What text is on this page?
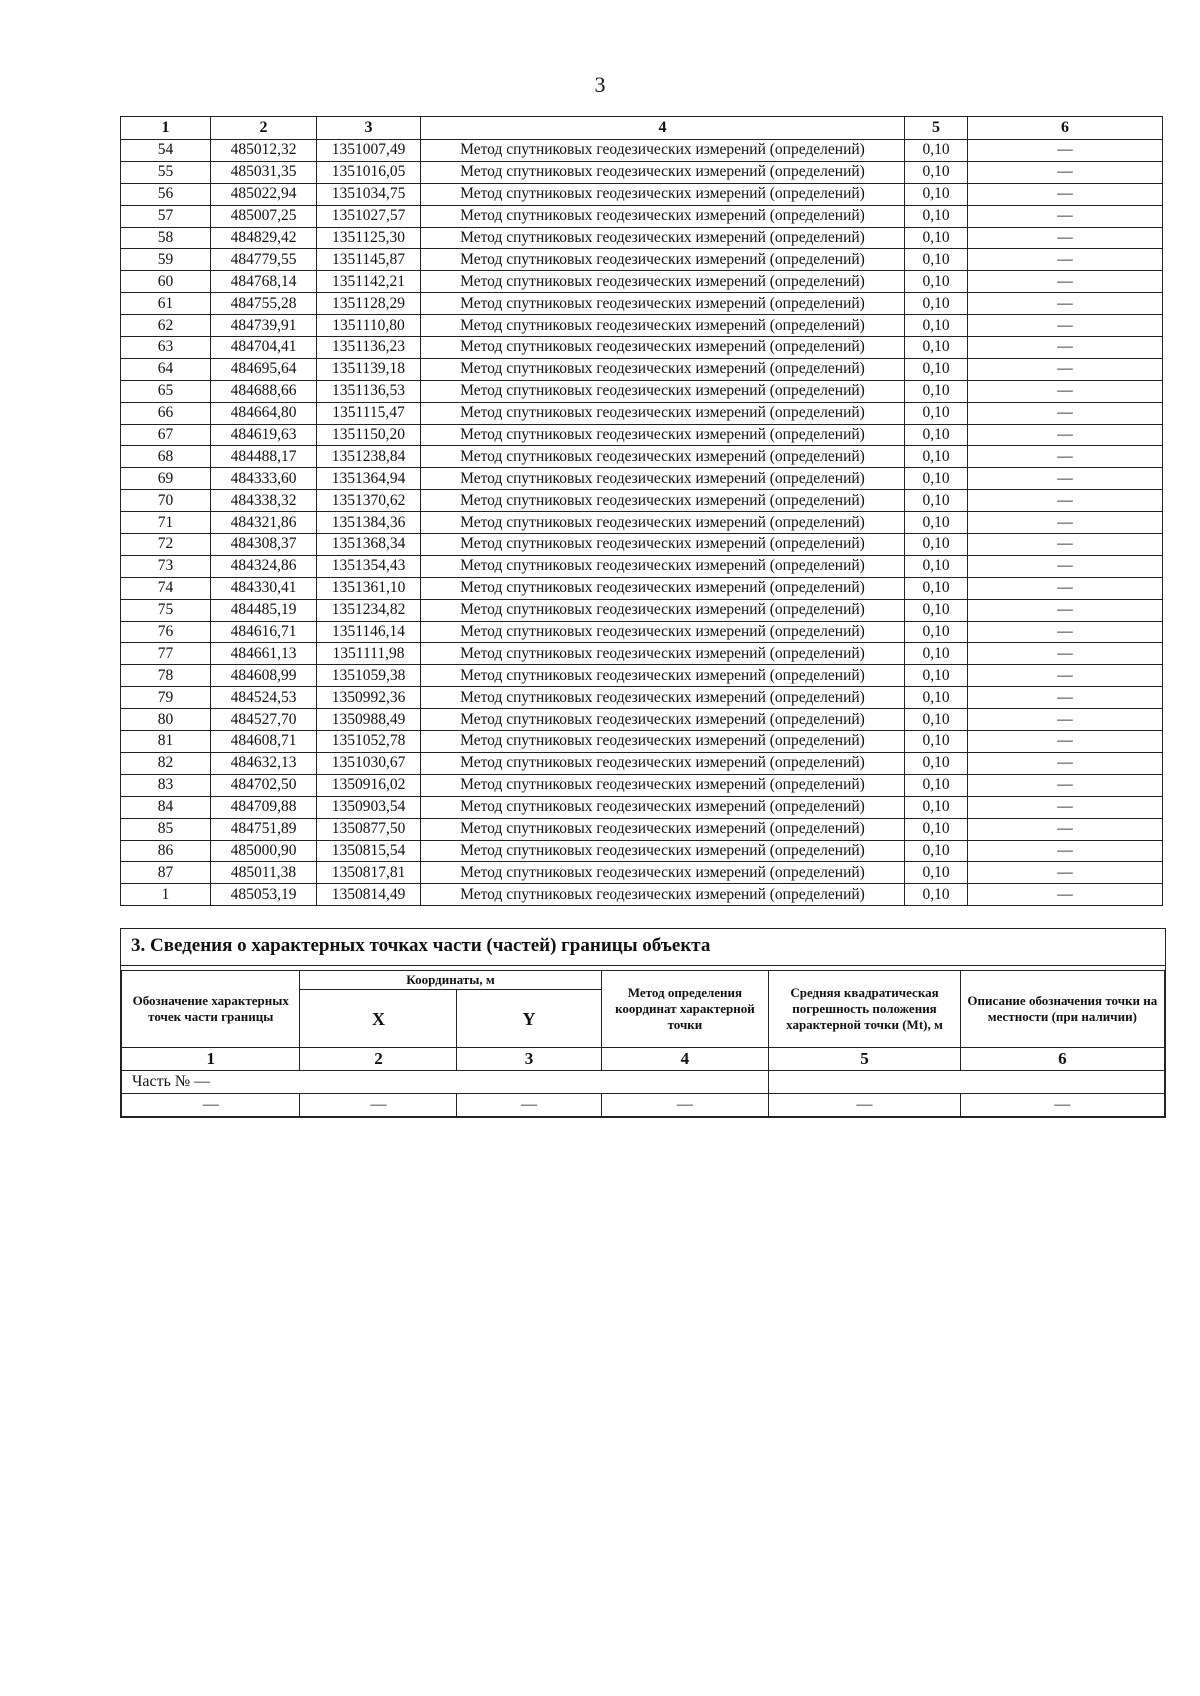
3
1	2	3	4	5	6
54	485012,32	1351007,49	Метод спутниковых геодезических измерений (определений)	0,10	—
55	485031,35	1351016,05	Метод спутниковых геодезических измерений (определений)	0,10	—
56	485022,94	1351034,75	Метод спутниковых геодезических измерений (определений)	0,10	—
57	485007,25	1351027,57	Метод спутниковых геодезических измерений (определений)	0,10	—
58	484829,42	1351125,30	Метод спутниковых геодезических измерений (определений)	0,10	—
59	484779,55	1351145,87	Метод спутниковых геодезических измерений (определений)	0,10	—
60	484768,14	1351142,21	Метод спутниковых геодезических измерений (определений)	0,10	—
61	484755,28	1351128,29	Метод спутниковых геодезических измерений (определений)	0,10	—
62	484739,91	1351110,80	Метод спутниковых геодезических измерений (определений)	0,10	—
63	484704,41	1351136,23	Метод спутниковых геодезических измерений (определений)	0,10	—
64	484695,64	1351139,18	Метод спутниковых геодезических измерений (определений)	0,10	—
65	484688,66	1351136,53	Метод спутниковых геодезических измерений (определений)	0,10	—
66	484664,80	1351115,47	Метод спутниковых геодезических измерений (определений)	0,10	—
67	484619,63	1351150,20	Метод спутниковых геодезических измерений (определений)	0,10	—
68	484488,17	1351238,84	Метод спутниковых геодезических измерений (определений)	0,10	—
69	484333,60	1351364,94	Метод спутниковых геодезических измерений (определений)	0,10	—
70	484338,32	1351370,62	Метод спутниковых геодезических измерений (определений)	0,10	—
71	484321,86	1351384,36	Метод спутниковых геодезических измерений (определений)	0,10	—
72	484308,37	1351368,34	Метод спутниковых геодезических измерений (определений)	0,10	—
73	484324,86	1351354,43	Метод спутниковых геодезических измерений (определений)	0,10	—
74	484330,41	1351361,10	Метод спутниковых геодезических измерений (определений)	0,10	—
75	484485,19	1351234,82	Метод спутниковых геодезических измерений (определений)	0,10	—
76	484616,71	1351146,14	Метод спутниковых геодезических измерений (определений)	0,10	—
77	484661,13	1351111,98	Метод спутниковых геодезических измерений (определений)	0,10	—
78	484608,99	1351059,38	Метод спутниковых геодезических измерений (определений)	0,10	—
79	484524,53	1350992,36	Метод спутниковых геодезических измерений (определений)	0,10	—
80	484527,70	1350988,49	Метод спутниковых геодезических измерений (определений)	0,10	—
81	484608,71	1351052,78	Метод спутниковых геодезических измерений (определений)	0,10	—
82	484632,13	1351030,67	Метод спутниковых геодезических измерений (определений)	0,10	—
83	484702,50	1350916,02	Метод спутниковых геодезических измерений (определений)	0,10	—
84	484709,88	1350903,54	Метод спутниковых геодезических измерений (определений)	0,10	—
85	484751,89	1350877,50	Метод спутниковых геодезических измерений (определений)	0,10	—
86	485000,90	1350815,54	Метод спутниковых геодезических измерений (определений)	0,10	—
87	485011,38	1350817,81	Метод спутниковых геодезических измерений (определений)	0,10	—
1	485053,19	1350814,49	Метод спутниковых геодезических измерений (определений)	0,10	—
3. Сведения о характерных точках части (частей) границы объекта
Обозначение характерных точек части границы	Координаты, м		Метод определения координат характерной точки	Средняя квадратическая погрешность положения характерной точки (Mt), м	Описание обозначения точки на местности (при наличии)
	X	Y			
1	2	3	4	5	6
Часть № —					
—	—	—	—	—	—
